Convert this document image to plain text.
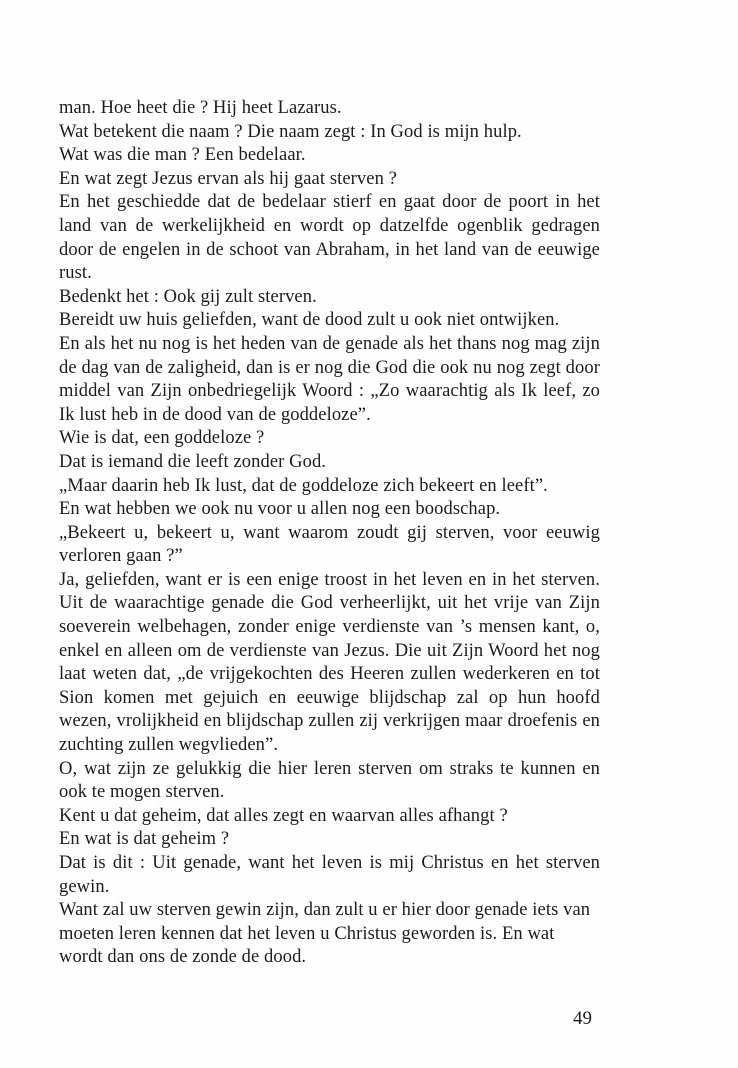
man. Hoe heet die ? Hij heet Lazarus.

Wat betekent die naam ? Die naam zegt : In God is mijn hulp.

Wat was die man ? Een bedelaar.

En wat zegt Jezus ervan als hij gaat sterven ?

En het geschiedde dat de bedelaar stierf en gaat door de poort in het land van de werkelijkheid en wordt op datzelfde ogenblik gedragen door de engelen in de schoot van Abraham, in het land van de eeuwige rust.

Bedenkt het : Ook gij zult sterven.

Bereidt uw huis geliefden, want de dood zult u ook niet ontwijken.

En als het nu nog is het heden van de genade als het thans nog mag zijn de dag van de zaligheid, dan is er nog die God die ook nu nog zegt door middel van Zijn onbedriegelijk Woord : „Zo waarachtig als Ik leef, zo Ik lust heb in de dood van de goddeloze”.

Wie is dat, een goddeloze ?

Dat is iemand die leeft zonder God.

„Maar daarin heb Ik lust, dat de goddeloze zich bekeert en leeft”.

En wat hebben we ook nu voor u allen nog een boodschap.

„Bekeert u, bekeert u, want waarom zoudt gij sterven, voor eeuwig verloren gaan ?”

Ja, geliefden, want er is een enige troost in het leven en in het sterven. Uit de waarachtige genade die God verheerlijkt, uit het vrije van Zijn soeverein welbehagen, zonder enige verdienste van ’s mensen kant, o, enkel en alleen om de verdienste van Jezus. Die uit Zijn Woord het nog laat weten dat, „de vrijgekochten des Heeren zullen wederkeren en tot Sion komen met gejuich en eeuwige blijdschap zal op hun hoofd wezen, vrolijkheid en blijdschap zullen zij verkrijgen maar droefenis en zuchting zullen wegvlieden”.

O, wat zijn ze gelukkig die hier leren sterven om straks te kunnen en ook te mogen sterven.

Kent u dat geheim, dat alles zegt en waarvan alles afhangt ?

En wat is dat geheim ?

Dat is dit : Uit genade, want het leven is mij Christus en het sterven gewin.

Want zal uw sterven gewin zijn, dan zult u er hier door genade iets van moeten leren kennen dat het leven u Christus geworden is. En wat wordt dan ons de zonde de dood.

49
